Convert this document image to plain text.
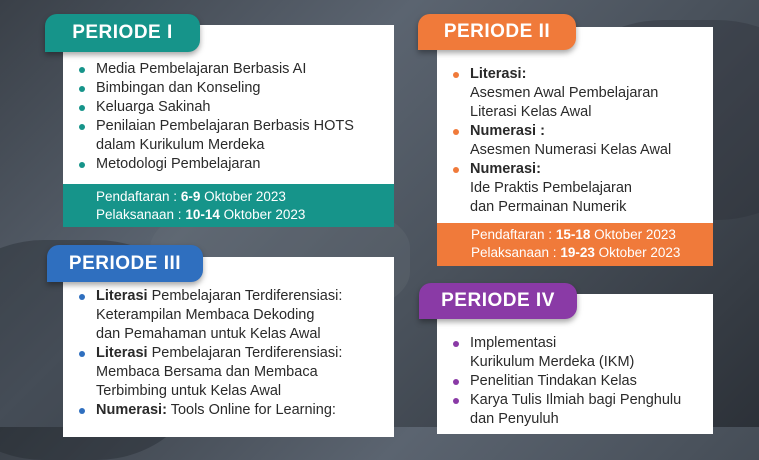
Media Pembelajaran Berbasis AI
Bimbingan dan Konseling
Keluarga Sakinah
Penilaian Pembelajaran Berbasis HOTS
dalam Kurikulum Merdeka
Metodologi Pembelajaran
Pendaftaran : 6-9 Oktober 2023
Pelaksanaan : 10-14 Oktober 2023
PERIODE I
Literasi:
Asesmen Awal Pembelajaran
Literasi Kelas Awal
Numerasi :
Asesmen Numerasi Kelas Awal
Numerasi:
Ide Praktis Pembelajaran
dan Permainan Numerik
Pendaftaran : 15-18 Oktober 2023
Pelaksanaan : 19-23 Oktober 2023
PERIODE II
Literasi Pembelajaran Terdiferensiasi:
Keterampilan Membaca Dekoding
dan Pemahaman untuk Kelas Awal
Literasi Pembelajaran Terdiferensiasi:
Membaca Bersama dan Membaca
Terbimbing untuk Kelas Awal
Numerasi: Tools Online for Learning:
PERIODE III
Implementasi
Kurikulum Merdeka (IKM)
Penelitian Tindakan Kelas
Karya Tulis Ilmiah bagi Penghulu
dan Penyuluh
PERIODE IV
